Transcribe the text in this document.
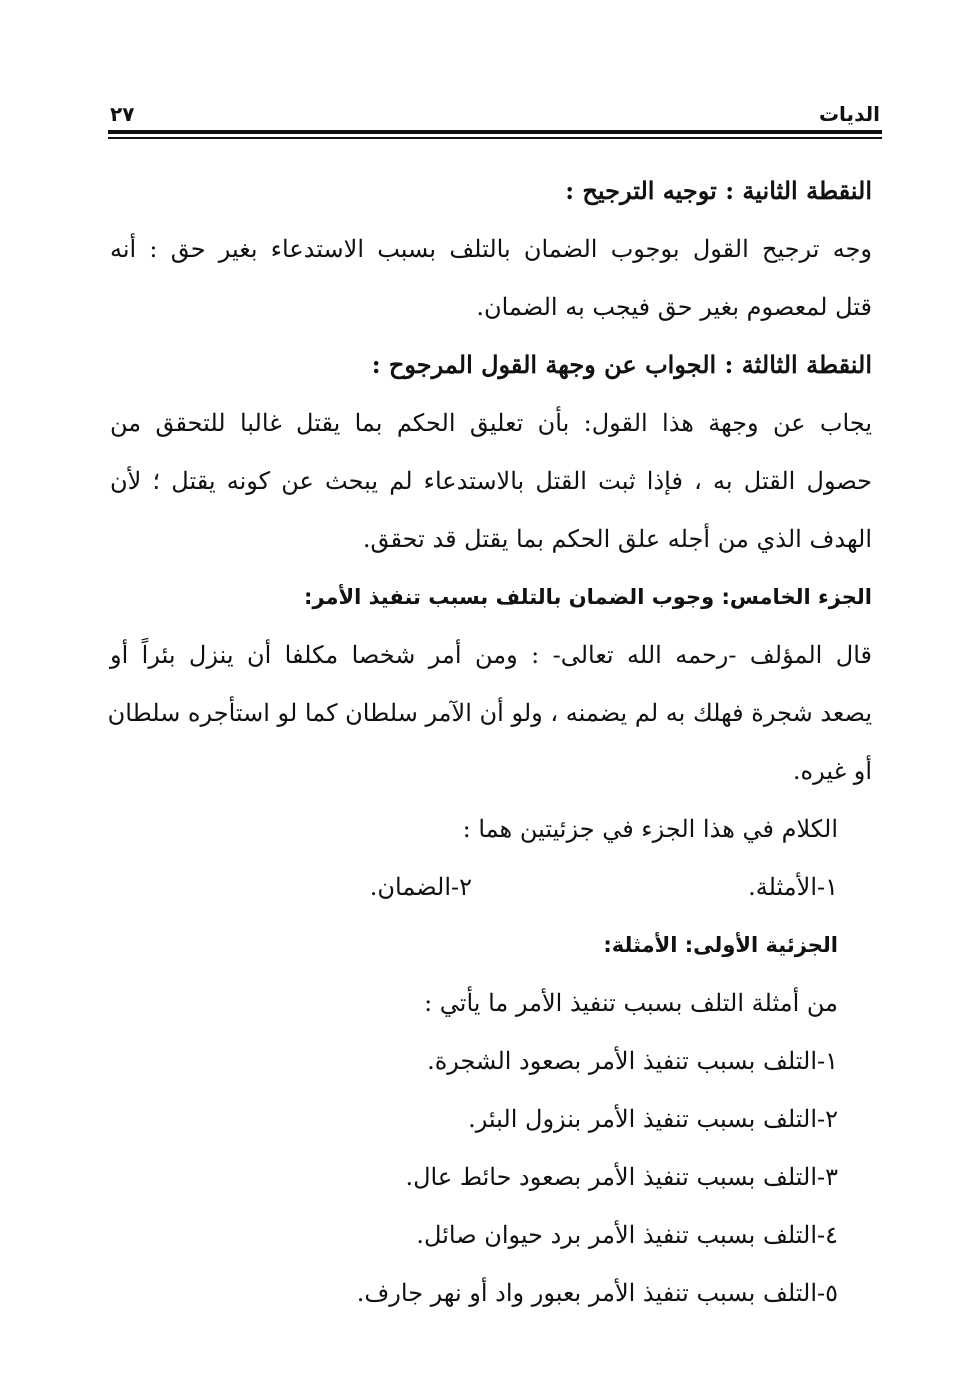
الديات
٢٧
النقطة الثانية : توجيه الترجيح :
وجه ترجيح القول بوجوب الضمان بالتلف بسبب الاستدعاء بغير حق : أنه
قتل لمعصوم بغير حق فيجب به الضمان.
النقطة الثالثة : الجواب عن وجهة القول المرجوح :
يجاب عن وجهة هذا القول: بأن تعليق الحكم بما يقتل غالبا للتحقق من
حصول القتل به ، فإذا ثبت القتل بالاستدعاء لم يبحث عن كونه يقتل ؛ لأن
الهدف الذي من أجله علق الحكم بما يقتل قد تحقق.
الجزء الخامس: وجوب الضمان بالتلف بسبب تنفيذ الأمر:
قال المؤلف -رحمه الله تعالى- : ومن أمر شخصا مكلفا أن ينزل بئراً أو
يصعد شجرة فهلك به لم يضمنه ، ولو أن الآمر سلطان كما لو استأجره سلطان
أو غيره.
الكلام في هذا الجزء في جزئيتين هما :
١-الأمثلة.
٢-الضمان.
الجزئية الأولى: الأمثلة:
من أمثلة التلف بسبب تنفيذ الأمر ما يأتي :
١-التلف بسبب تنفيذ الأمر بصعود الشجرة.
٢-التلف بسبب تنفيذ الأمر بنزول البئر.
٣-التلف بسبب تنفيذ الأمر بصعود حائط عال.
٤-التلف بسبب تنفيذ الأمر برد حيوان صائل.
٥-التلف بسبب تنفيذ الأمر بعبور واد أو نهر جارف.
